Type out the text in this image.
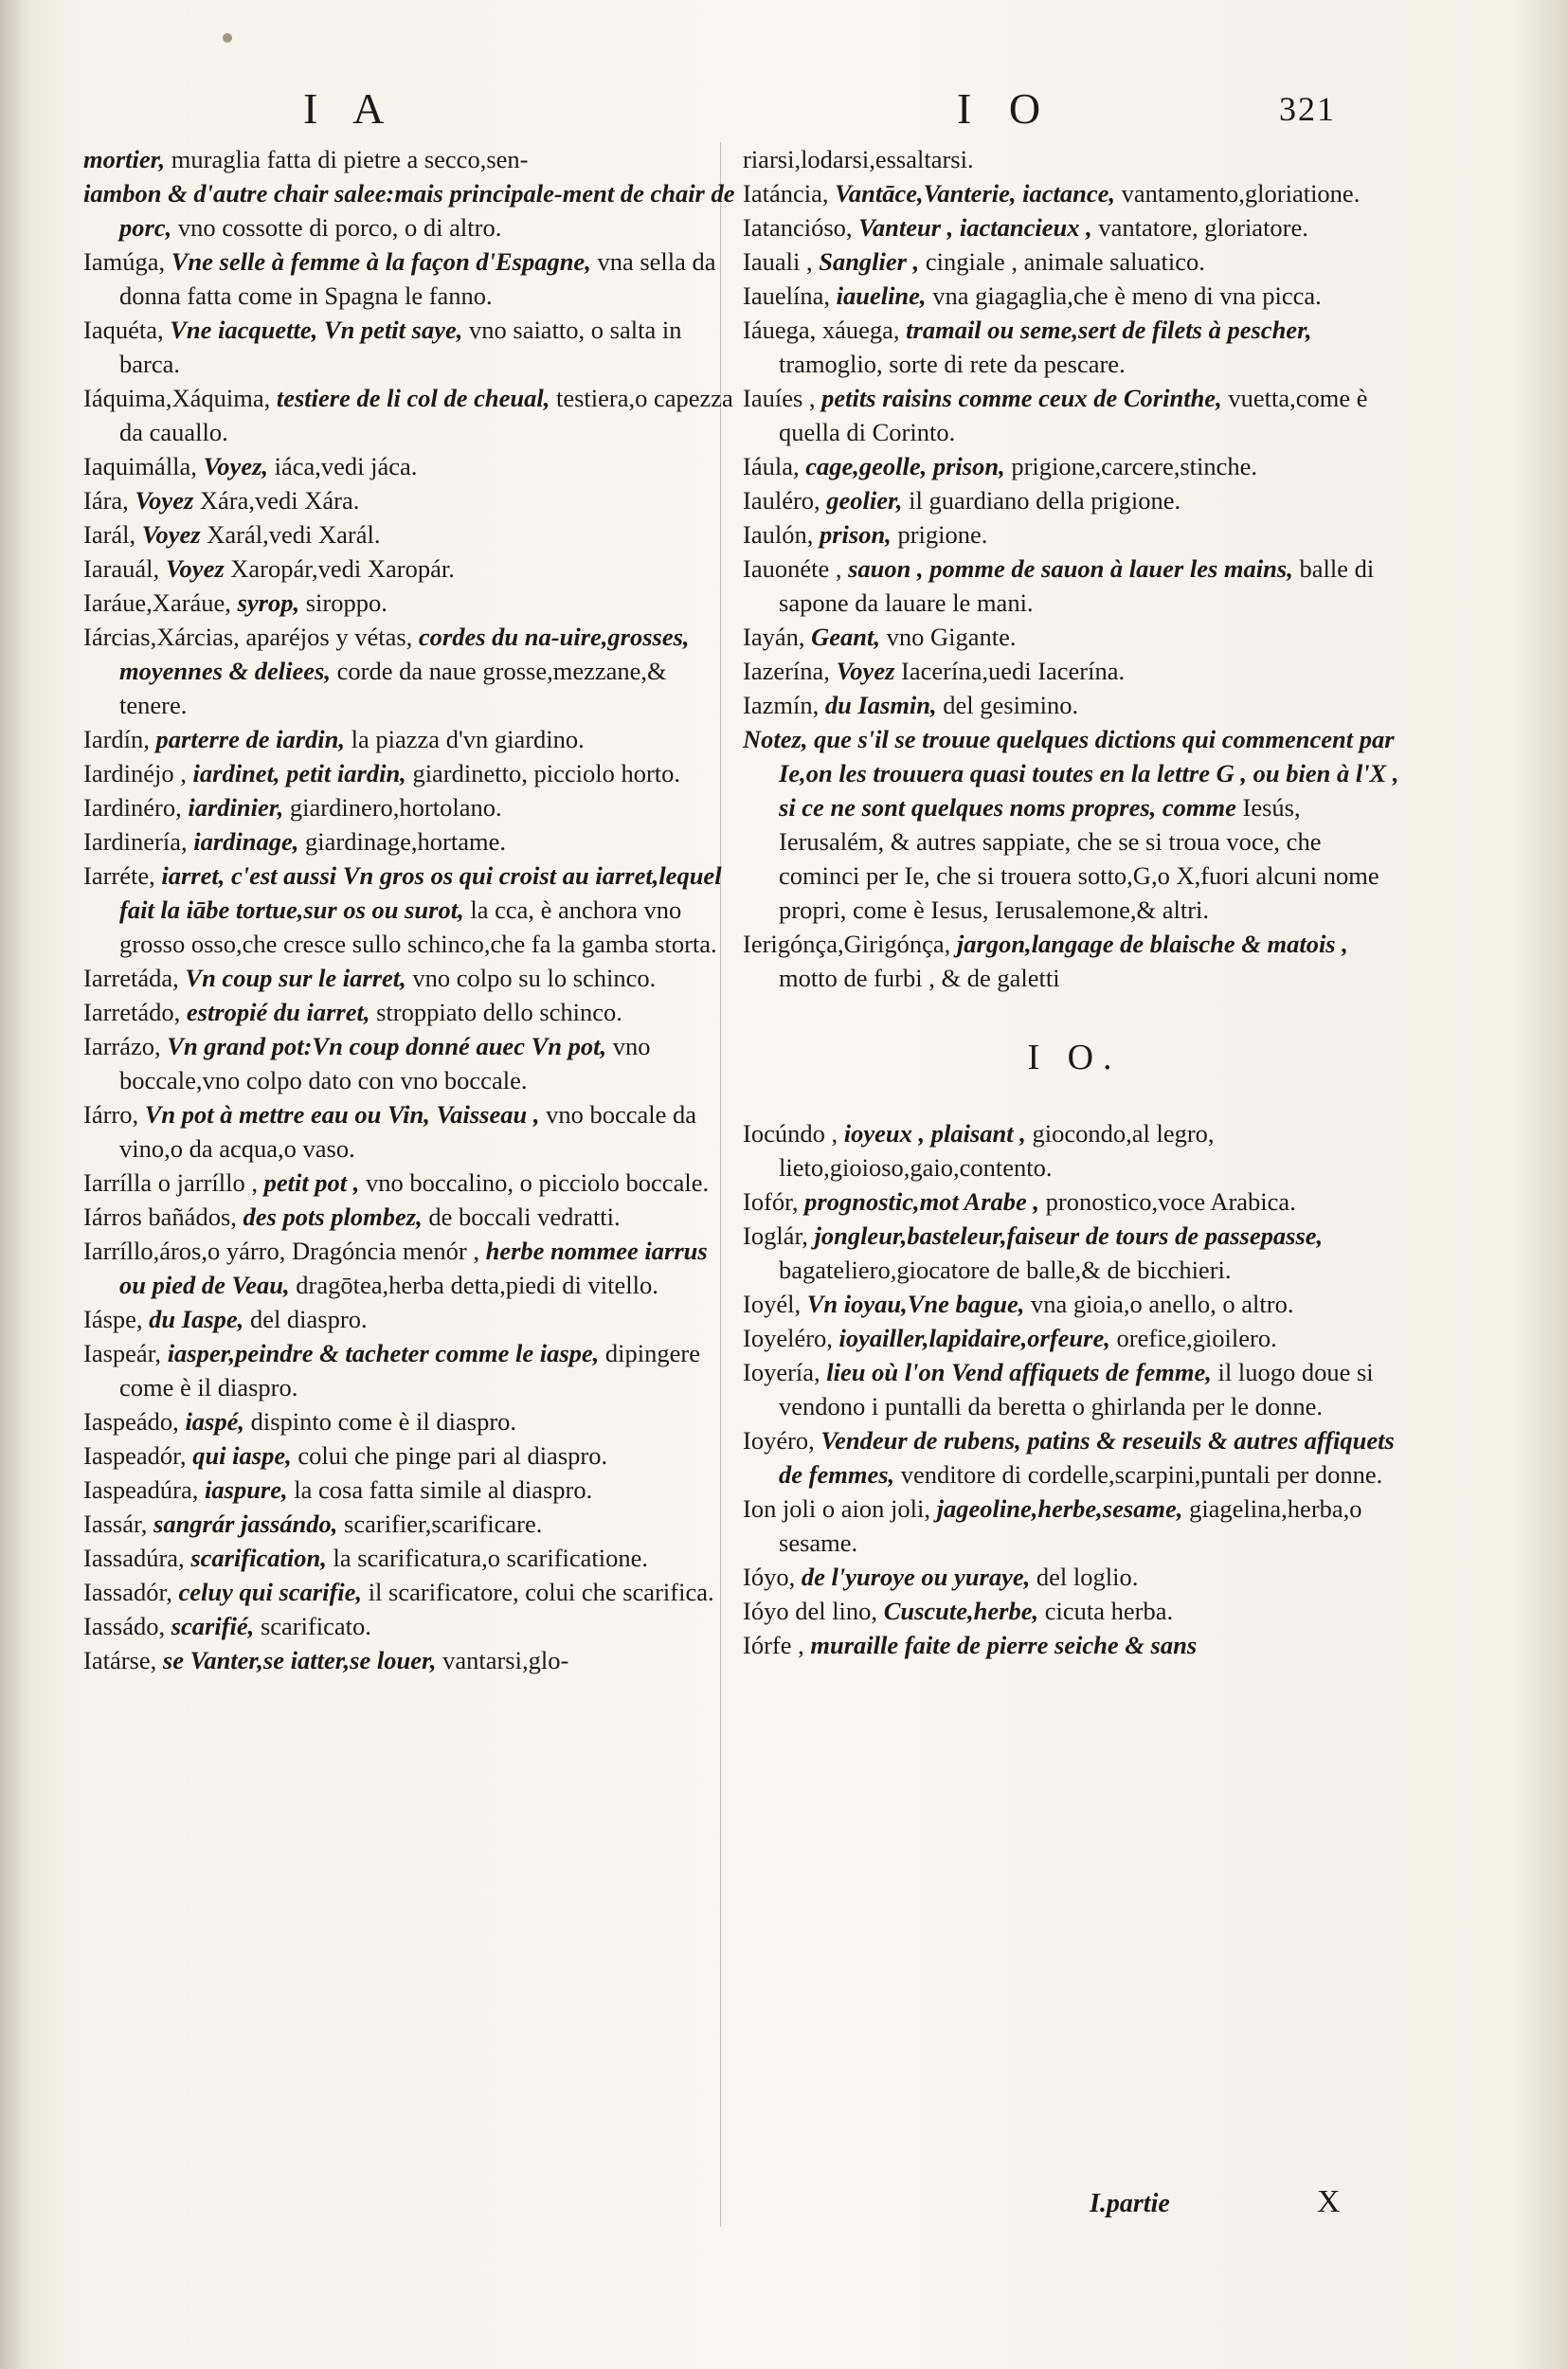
I A	I O	321

mortier, muraglia fatta di pietre a secco,sen-

iambon & d'autre chair salee:mais principale-ment de chair de porc, vno cossotte di porco, o di altro.

Iamúga, Vne selle à femme à la façon d'Espagne, vna sella da donna fatta come in Spagna le fanno.

Iaquéta, Vne iacquette, Vn petit saye, vno saiatto, o salta in barca.

Iáquima,Xáquima, testiere de li col de cheual, testiera,o capezza da cauallo.

Iaquimálla, Voyez, iáca,vedi jáca.

Iára, Voyez Xára,vedi Xára.

Iarál, Voyez Xarál,vedi Xarál.

Iarauál, Voyez Xaropár,vedi Xaropár.

Iaráue,Xaráue, syrop, siroppo.

Iárcias,Xárcias, aparéjos y vétas, cordes du na-uire,grosses, moyennes & deliees, corde da naue grosse,mezzane,& tenere.

Iardín, parterre de iardin, la piazza d'vn giardino.

Iardinéjo , iardinet, petit iardin, giardinetto, picciolo horto.

Iardinéro, iardinier, giardinero,hortolano.

Iardinería, iardinage, giardinage,hortame.

Iarréte, iarret, c'est aussi Vn gros os qui croist au iarret,lequel fait la iābe tortue,sur os ou surot, la cca, è anchora vno grosso osso,che cresce sullo schinco,che fa la gamba storta.

Iarretáda, Vn coup sur le iarret, vno colpo su lo schinco.

Iarretádo, estropié du iarret, stroppiato dello schinco.

Iarrázo, Vn grand pot:Vn coup donné auec Vn pot, vno boccale,vno colpo dato con vno boccale.

Iárro, Vn pot à mettre eau ou Vin, Vaisseau , vno boccale da vino,o da acqua,o vaso.

Iarrílla o jarríllo , petit pot , vno boccalino, o picciolo boccale.

Iárros bañádos, des pots plombez, de boccali vedratti.

Iarríllo,áros,o yárro, Dragóncia menór , herbe nommee iarrus ou pied de Veau, dragōtea,herba detta,piedi di vitello.

Iáspe, du Iaspe, del diaspro.

Iaspeár, iasper,peindre & tacheter comme le iaspe, dipingere come è il diaspro.

Iaspeádo, iaspé, dispinto come è il diaspro.

Iaspeadór, qui iaspe, colui che pinge pari al diaspro.

Iaspeadúra, iaspure, la cosa fatta simile al diaspro.

Iassár, sangrár jassándo, scarifier,scarificare.

Iassadúra, scarification, la scarificatura,o scarificatione.

Iassadór, celuy qui scarifie, il scarificatore, colui che scarifica.

Iassádo, scarifié, scarificato.

Iatárse, se Vanter,se iatter,se louer, vantarsi,glo-

riarsi,lodarsi,essaltarsi.

Iatáncia, Vantāce,Vanterie, iactance, vantamento,gloriatione.

Iatancióso, Vanteur , iactancieux , vantatore, gloriatore.

Iauali , Sanglier , cingiale , animale saluatico.

Iauelína, iaueline, vna giagaglia,che è meno di vna picca.

Iáuega, xáuega, tramail ou seme,sert de filets à pescher, tramoglio, sorte di rete da pescare.

Iauíes , petits raisins comme ceux de Corinthe, vuetta,come è quella di Corinto.

Iáula, cage,geolle, prison, prigione,carcere,stinche.

Iauléro, geolier, il guardiano della prigione.

Iaulón, prison, prigione.

Iauonéte , sauon , pomme de sauon à lauer les mains, balle di sapone da lauare le mani.

Iayán, Geant, vno Gigante.

Iazerína, Voyez Iacerína,uedi Iacerína.

Iazmín, du Iasmin, del gesimino.

Notez, que s'il se trouue quelques dictions qui commencent par Ie,on les trouuera quasi toutes en la lettre G , ou bien à l'X , si ce ne sont quelques noms propres, comme Iesús, Ierusalém, & autres sappiate, che se si troua voce, che cominci per Ie, che si trouera sotto,G,o X,fuori alcuni nome propri, come è Iesus, Ierusalemone,& altri.

Ierigónça,Girigónça, jargon,langage de blaische & matois , motto de furbi , & de galetti

I O.

Iocúndo , ioyeux , plaisant , giocondo,al legro, lieto,gioioso,gaio,contento.

Iofór, prognostic,mot Arabe , pronostico,voce Arabica.

Ioglár, jongleur,basteleur,faiseur de tours de passepasse, bagateliero,giocatore de balle,& de bicchieri.

Ioyél, Vn ioyau,Vne bague, vna gioia,o anello, o altro.

Ioyeléro, ioyailler,lapidaire,orfeure, orefice,gioilero.

Ioyería, lieu où l'on Vend affiquets de femme, il luogo doue si vendono i puntalli da beretta o ghirlanda per le donne.

Ioyéro, Vendeur de rubens, patins & reseuils & autres affiquets de femmes, venditore di cordelle,scarpini,puntali per donne.

Ion joli o aion joli, jageoline,herbe,sesame, giagelina,herba,o sesame.

Ióyo, de l'yuroye ou yuraye, del loglio.

Ióyo del lino, Cuscute,herbe, cicuta herba.

Iórfe , muraille faite de pierre seiche & sans

I.partie	X
